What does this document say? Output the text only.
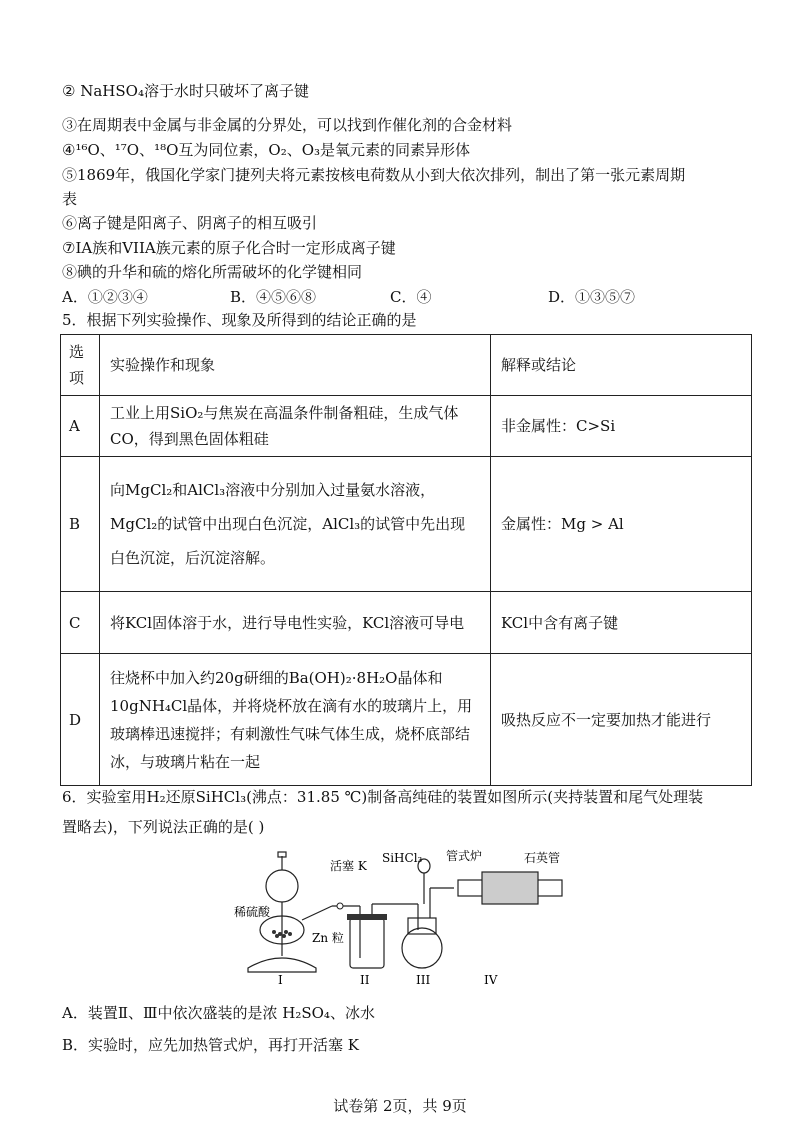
② NaHSO₄溶于水时只破坏了离子键
③在周期表中金属与非金属的分界处，可以找到作催化剂的合金材料
④¹⁶O、¹⁷O、¹⁸O互为同位素，O₂、O₃是氧元素的同素异形体
⑤1869年，俄国化学家门捷列夫将元素按核电荷数从小到大依次排列，制出了第一张元素周期
表
⑥离子键是阳离子、阴离子的相互吸引
⑦IA族和VIIA族元素的原子化合时一定形成离子键
⑧碘的升华和硫的熔化所需破坏的化学键相同
A．①②③④	B．④⑤⑥⑧	C．④	D．①③⑤⑦
5．根据下列实验操作、现象及所得到的结论正确的是
选项	实验操作和现象	解释或结论
A	工业上用SiO₂与焦炭在高温条件制备粗硅，生成气体CO，得到黑色固体粗硅	非金属性：C>Si
B	向MgCl₂和AlCl₃溶液中分别加入过量氨水溶液，MgCl₂的试管中出现白色沉淀，AlCl₃的试管中先出现白色沉淀，后沉淀溶解。	金属性：Mg > Al
C	将KCl固体溶于水，进行导电性实验，KCl溶液可导电	KCl中含有离子键
D	往烧杯中加入约20g研细的Ba(OH)₂·8H₂O晶体和10gNH₄Cl晶体，并将烧杯放在滴有水的玻璃片上，用玻璃棒迅速搅拌；有刺激性气味气体生成，烧杯底部结冰，与玻璃片粘在一起	吸热反应不一定要加热才能进行
6．实验室用H₂还原SiHCl₃(沸点：31.85 ℃)制备高纯硅的装置如图所示(夹持装置和尾气处理装
置略去)，下列说法正确的是( )
活塞 K
SiHCl₃ 管式炉	石英管
稀硫酸
Zn 粒
I	II	III	IV
A．装置Ⅱ、Ⅲ中依次盛装的是浓 H₂SO₄、冰水
B．实验时，应先加热管式炉，再打开活塞 K
试卷第 2页，共 9页
